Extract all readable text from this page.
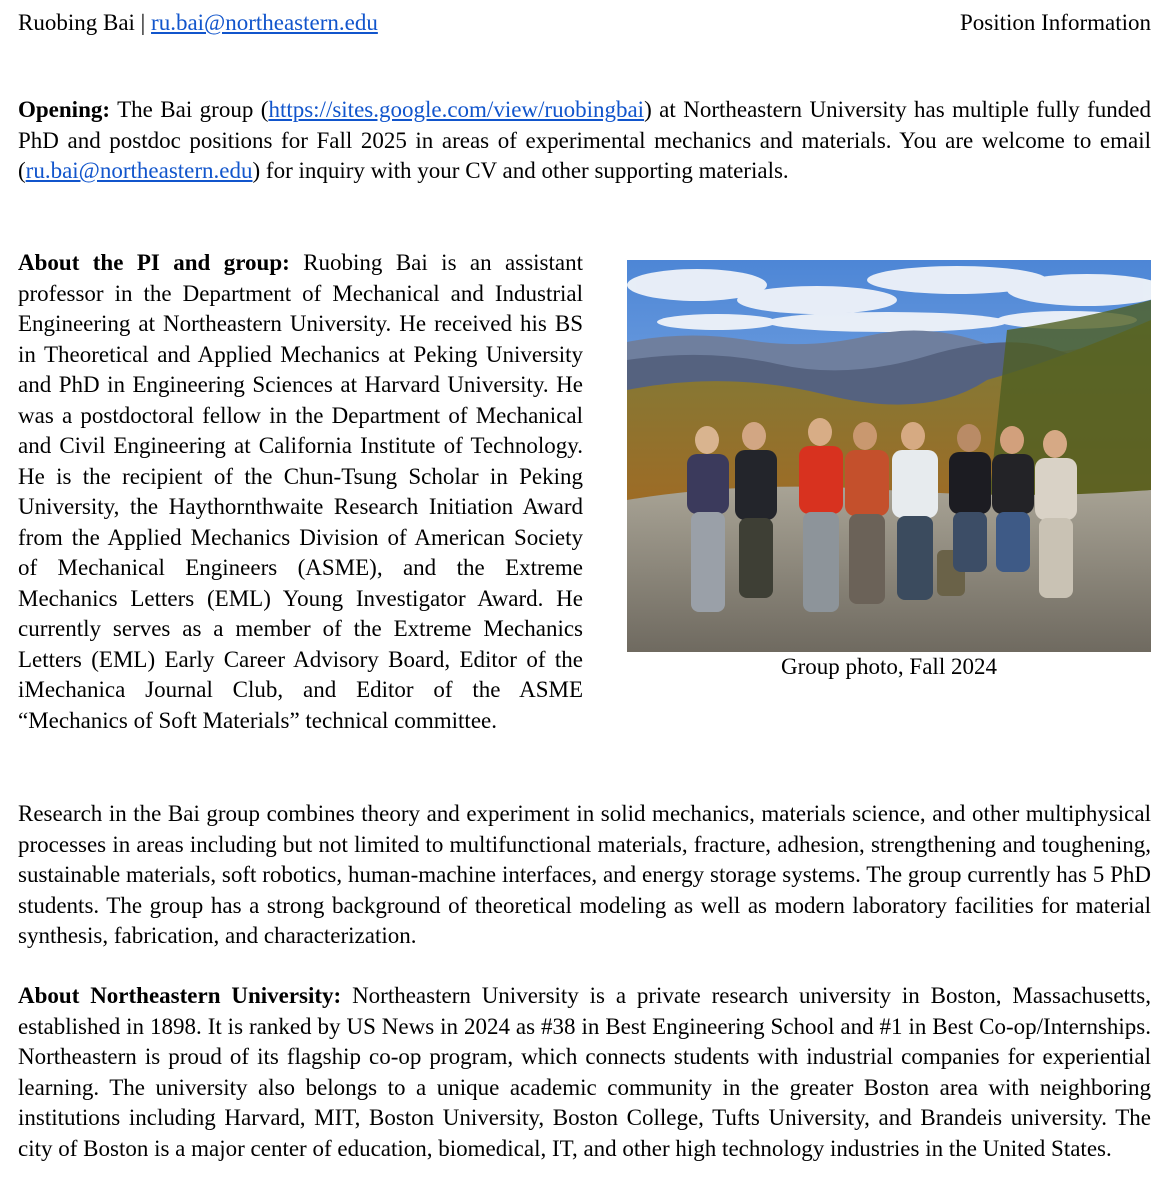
Ruobing Bai | ru.bai@northeastern.edu	Position Information

Opening: The Bai group (https://sites.google.com/view/ruobingbai) at Northeastern University has multiple fully funded PhD and postdoc positions for Fall 2025 in areas of experimental mechanics and materials. You are welcome to email (ru.bai@northeastern.edu) for inquiry with your CV and other supporting materials.

Group photo, Fall 2024

About the PI and group: Ruobing Bai is an assistant professor in the Department of Mechanical and Industrial Engineering at Northeastern University. He received his BS in Theoretical and Applied Mechanics at Peking University and PhD in Engineering Sciences at Harvard University. He was a postdoctoral fellow in the Department of Mechanical and Civil Engineering at California Institute of Technology. He is the recipient of the Chun-Tsung Scholar in Peking University, the Haythornthwaite Research Initiation Award from the Applied Mechanics Division of American Society of Mechanical Engineers (ASME), and the Extreme Mechanics Letters (EML) Young Investigator Award. He currently serves as a member of the Extreme Mechanics Letters (EML) Early Career Advisory Board, Editor of the iMechanica Journal Club, and Editor of the ASME “Mechanics of Soft Materials” technical committee.

Research in the Bai group combines theory and experiment in solid mechanics, materials science, and other multiphysical processes in areas including but not limited to multifunctional materials, fracture, adhesion, strengthening and toughening, sustainable materials, soft robotics, human-machine interfaces, and energy storage systems. The group currently has 5 PhD students. The group has a strong background of theoretical modeling as well as modern laboratory facilities for material synthesis, fabrication, and characterization.

About Northeastern University: Northeastern University is a private research university in Boston, Massachusetts, established in 1898. It is ranked by US News in 2024 as #38 in Best Engineering School and #1 in Best Co-op/Internships. Northeastern is proud of its flagship co-op program, which connects students with industrial companies for experiential learning. The university also belongs to a unique academic community in the greater Boston area with neighboring institutions including Harvard, MIT, Boston University, Boston College, Tufts University, and Brandeis university. The city of Boston is a major center of education, biomedical, IT, and other high technology industries in the United States.
